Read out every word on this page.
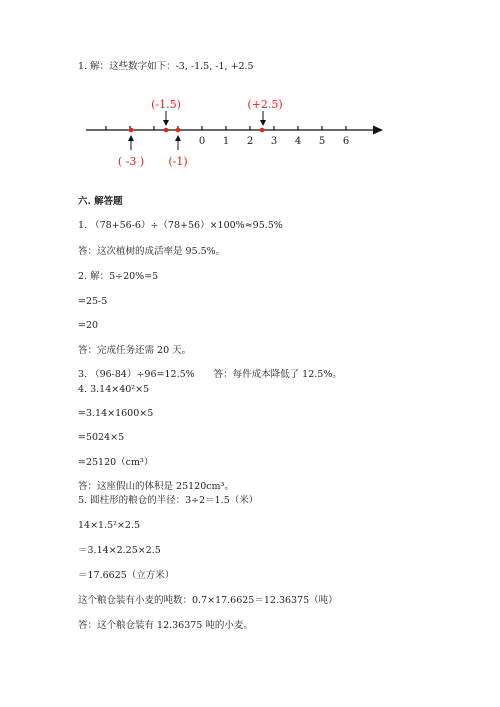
1. 解：这些数字如下：-3, -1.5, -1, +2.5
0 1 2 3 4 5 6
(-1.5)	(+2.5)
( -3 ) (-1)
六. 解答题
1. （78+56-6）÷（78+56）×100%≈95.5%
答：这次植树的成活率是 95.5%。
2. 解：5÷20%=5
=25-5
=20
答：完成任务还需 20 天。
3. （96-84）÷96=12.5%　　答：每件成本降低了 12.5%。
4. 3.14×40²×5
=3.14×1600×5
=5024×5
=25120（cm³）
答：这座假山的体积是 25120cm³。
5. 圆柱形的粮仓的半径：3÷2＝1.5（米）
14×1.5²×2.5
＝3.14×2.25×2.5
＝17.6625（立方米）
这个粮仓装有小麦的吨数：0.7×17.6625＝12.36375（吨）
答：这个粮仓装有 12.36375 吨的小麦。
